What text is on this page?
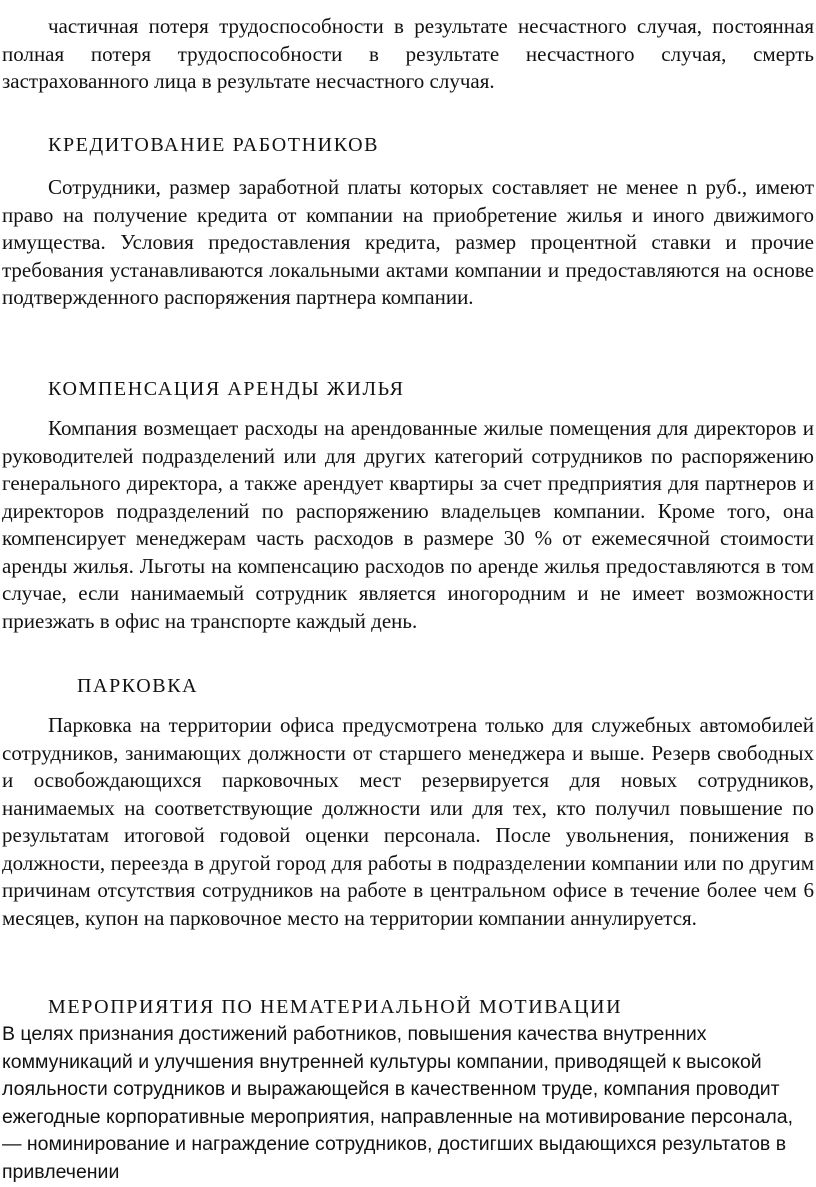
частичная потеря трудоспособности в результате несчастного случая, постоянная полная потеря трудоспособности в результате несчастного случая, смерть застрахованного лица в результате несчастного случая.

КРЕДИТОВАНИЕ РАБОТНИКОВ

Сотрудники, размер заработной платы которых составляет не менее n руб., имеют право на получение кредита от компании на приобретение жилья и иного движимого имущества. Условия предоставления кредита, размер процентной ставки и прочие требования устанавливаются локальными актами компании и предоставляются на основе подтвержденного распоряжения партнера компании.

КОМПЕНСАЦИЯ АРЕНДЫ ЖИЛЬЯ

Компания возмещает расходы на арендованные жилые помещения для директоров и руководителей подразделений или для других категорий сотрудников по распоряжению генерального директора, а также арендует квартиры за счет предприятия для партнеров и директоров подразделений по распоряжению владельцев компании. Кроме того, она компенсирует менеджерам часть расходов в размере 30 % от ежемесячной стоимости аренды жилья. Льготы на компенсацию расходов по аренде жилья предоставляются в том случае, если нанимаемый сотрудник является иногородним и не имеет возможности приезжать в офис на транспорте каждый день.

ПАРКОВКА

Парковка на территории офиса предусмотрена только для служебных автомобилей сотрудников, занимающих должности от старшего менеджера и выше. Резерв свободных и освобождающихся парковочных мест резервируется для новых сотрудников, нанимаемых на соответствующие должности или для тех, кто получил повышение по результатам итоговой годовой оценки персонала. После увольнения, понижения в должности, переезда в другой город для работы в подразделении компании или по другим причинам отсутствия сотрудников на работе в центральном офисе в течение более чем 6 месяцев, купон на парковочное место на территории компании аннулируется.

МЕРОПРИЯТИЯ ПО НЕМАТЕРИАЛЬНОЙ МОТИВАЦИИ

В целях признания достижений работников, повышения качества внутренних коммуникаций и улучшения внутренней культуры компании, приводящей к высокой лояльности сотрудников и выражающейся в качественном труде, компания проводит ежегодные корпоративные мероприятия, направленные на мотивирование персонала, — номинирование и награждение сотрудников, достигших выдающихся результатов в привлечении
